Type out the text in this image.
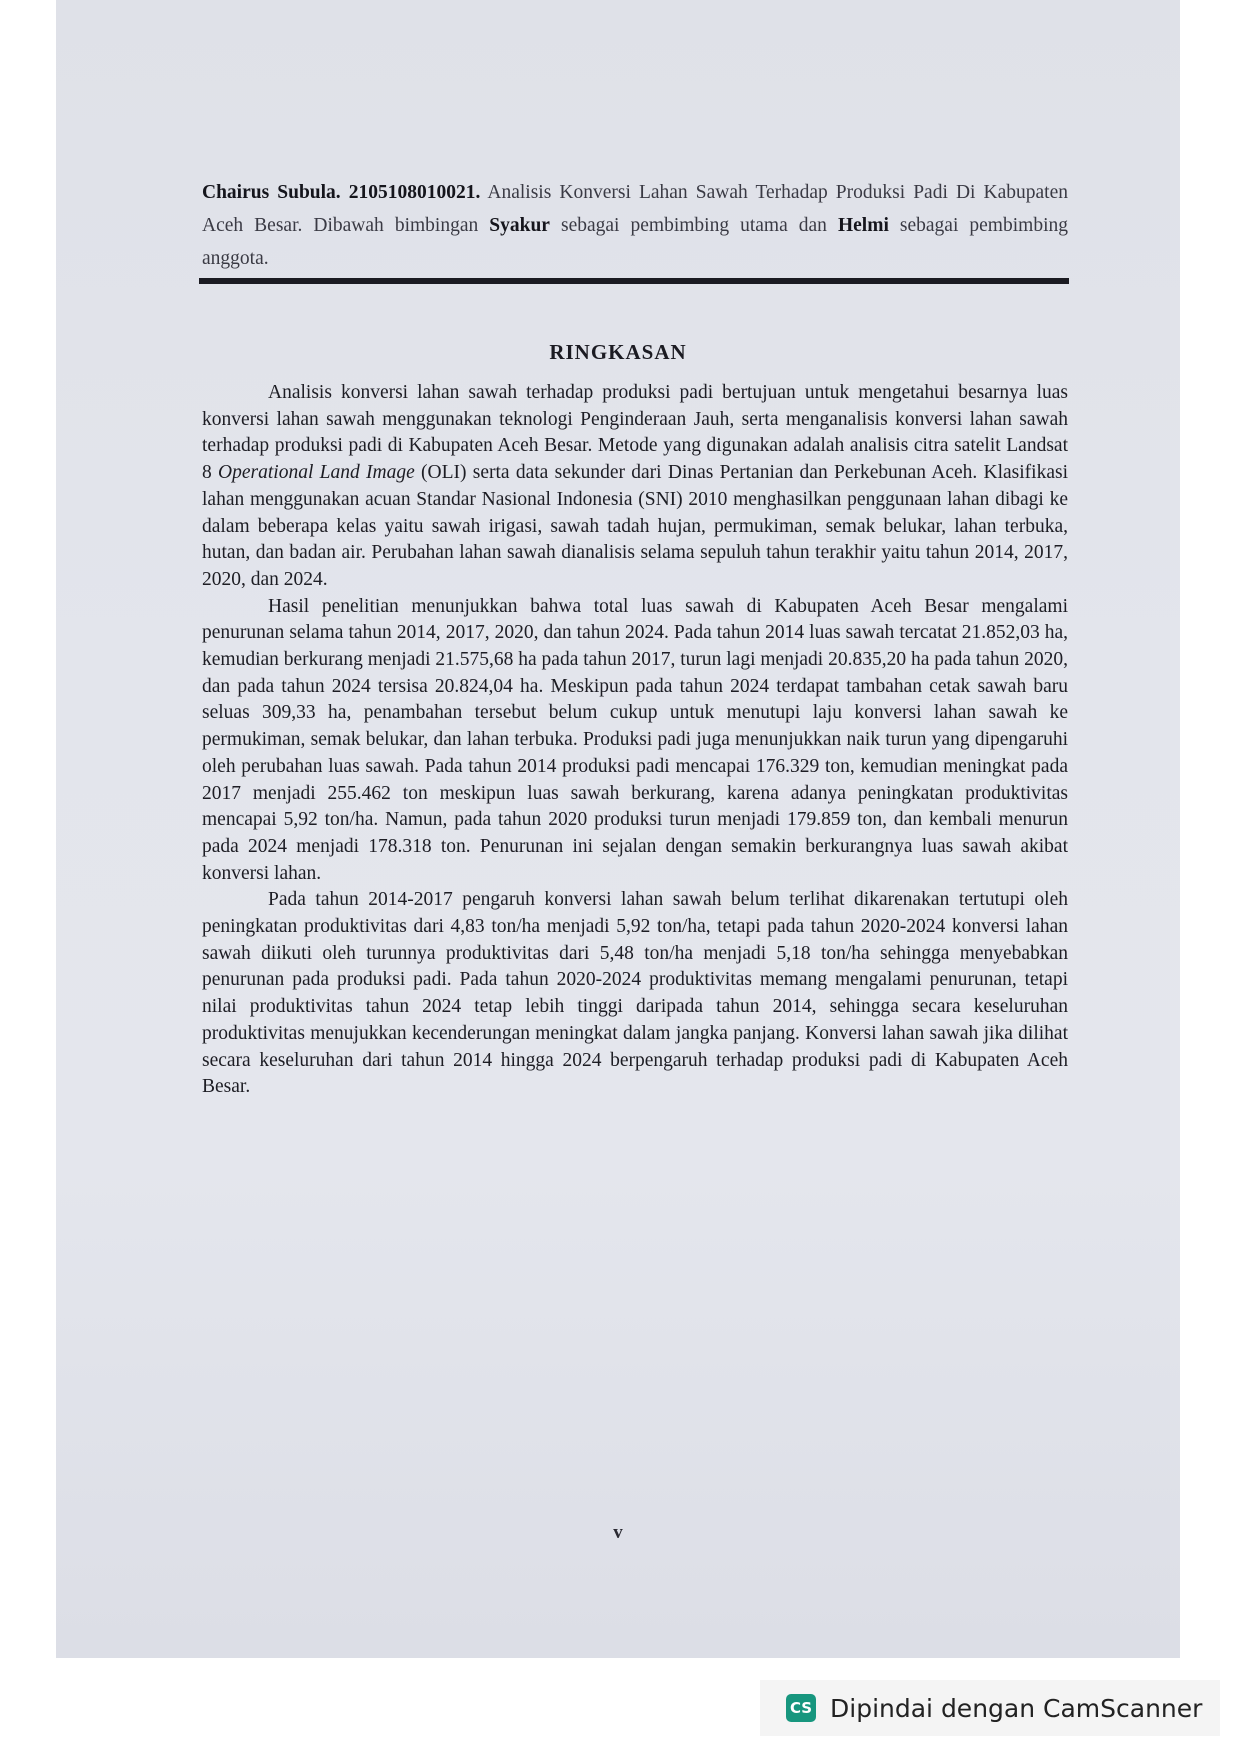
Chairus Subula. 2105108010021. Analisis Konversi Lahan Sawah Terhadap Produksi Padi Di Kabupaten Aceh Besar. Dibawah bimbingan Syakur sebagai pembimbing utama dan Helmi sebagai pembimbing anggota.
RINGKASAN

Analisis konversi lahan sawah terhadap produksi padi bertujuan untuk mengetahui besarnya luas konversi lahan sawah menggunakan teknologi Penginderaan Jauh, serta menganalisis konversi lahan sawah terhadap produksi padi di Kabupaten Aceh Besar. Metode yang digunakan adalah analisis citra satelit Landsat 8 Operational Land Image (OLI) serta data sekunder dari Dinas Pertanian dan Perkebunan Aceh. Klasifikasi lahan menggunakan acuan Standar Nasional Indonesia (SNI) 2010 menghasilkan penggunaan lahan dibagi ke dalam beberapa kelas yaitu sawah irigasi, sawah tadah hujan, permukiman, semak belukar, lahan terbuka, hutan, dan badan air. Perubahan lahan sawah dianalisis selama sepuluh tahun terakhir yaitu tahun 2014, 2017, 2020, dan 2024.

Hasil penelitian menunjukkan bahwa total luas sawah di Kabupaten Aceh Besar mengalami penurunan selama tahun 2014, 2017, 2020, dan tahun 2024. Pada tahun 2014 luas sawah tercatat 21.852,03 ha, kemudian berkurang menjadi 21.575,68 ha pada tahun 2017, turun lagi menjadi 20.835,20 ha pada tahun 2020, dan pada tahun 2024 tersisa 20.824,04 ha. Meskipun pada tahun 2024 terdapat tambahan cetak sawah baru seluas 309,33 ha, penambahan tersebut belum cukup untuk menutupi laju konversi lahan sawah ke permukiman, semak belukar, dan lahan terbuka. Produksi padi juga menunjukkan naik turun yang dipengaruhi oleh perubahan luas sawah. Pada tahun 2014 produksi padi mencapai 176.329 ton, kemudian meningkat pada 2017 menjadi 255.462 ton meskipun luas sawah berkurang, karena adanya peningkatan produktivitas mencapai 5,92 ton/ha. Namun, pada tahun 2020 produksi turun menjadi 179.859 ton, dan kembali menurun pada 2024 menjadi 178.318 ton. Penurunan ini sejalan dengan semakin berkurangnya luas sawah akibat konversi lahan.

Pada tahun 2014-2017 pengaruh konversi lahan sawah belum terlihat dikarenakan tertutupi oleh peningkatan produktivitas dari 4,83 ton/ha menjadi 5,92 ton/ha, tetapi pada tahun 2020-2024 konversi lahan sawah diikuti oleh turunnya produktivitas dari 5,48 ton/ha menjadi 5,18 ton/ha sehingga menyebabkan penurunan pada produksi padi. Pada tahun 2020-2024 produktivitas memang mengalami penurunan, tetapi nilai produktivitas tahun 2024 tetap lebih tinggi daripada tahun 2014, sehingga secara keseluruhan produktivitas menujukkan kecenderungan meningkat dalam jangka panjang. Konversi lahan sawah jika dilihat secara keseluruhan dari tahun 2014 hingga 2024 berpengaruh terhadap produksi padi di Kabupaten Aceh Besar.

v
CS Dipindai dengan CamScanner
